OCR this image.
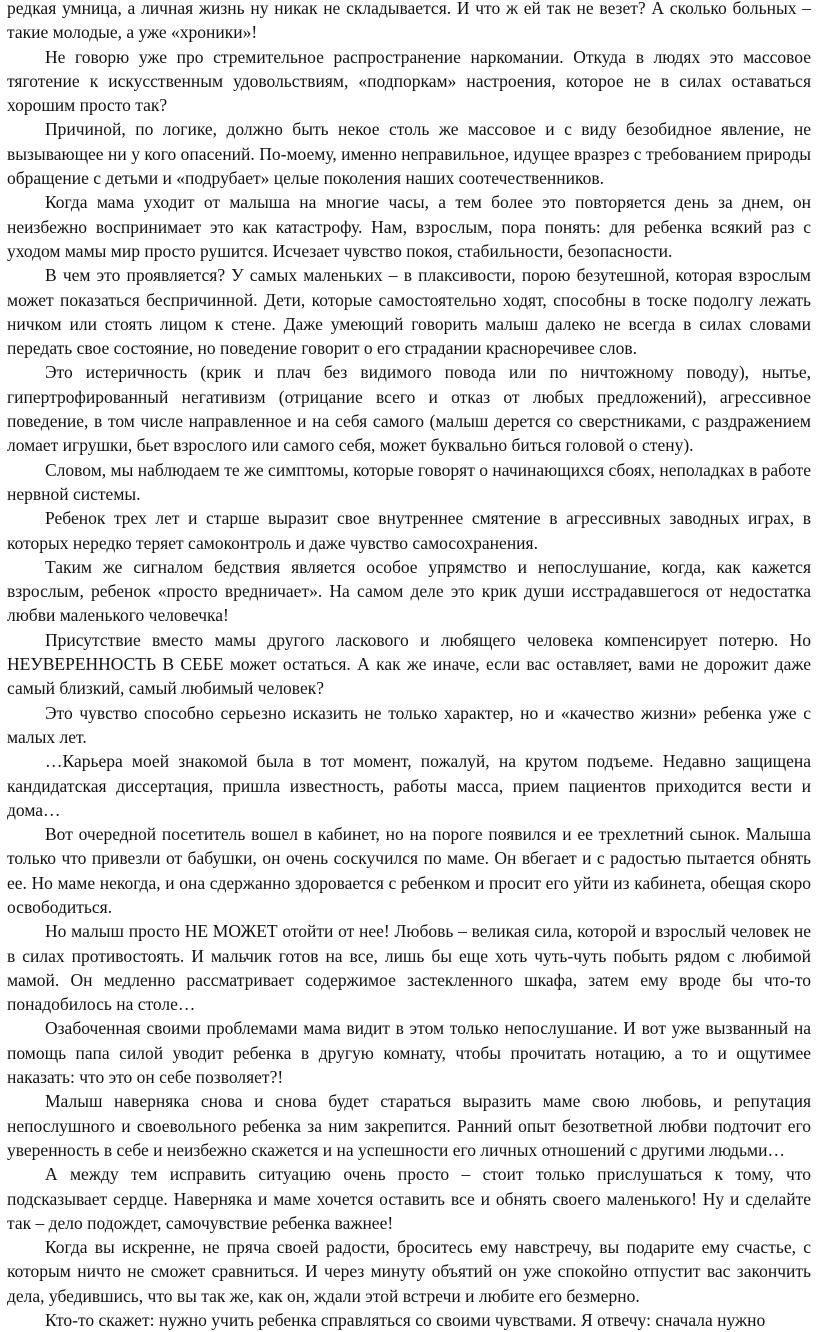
редкая умница, а личная жизнь ну никак не складывается. И что ж ей так не везет? А сколько больных – такие молодые, а уже «хроники»!

Не говорю уже про стремительное распространение наркомании. Откуда в людях это массовое тяготение к искусственным удовольствиям, «подпоркам» настроения, которое не в силах оставаться хорошим просто так?

Причиной, по логике, должно быть некое столь же массовое и с виду безобидное явление, не вызывающее ни у кого опасений. По-моему, именно неправильное, идущее вразрез с требованием природы обращение с детьми и «подрубает» целые поколения наших соотечественников.

Когда мама уходит от малыша на многие часы, а тем более это повторяется день за днем, он неизбежно воспринимает это как катастрофу. Нам, взрослым, пора понять: для ребенка всякий раз с уходом мамы мир просто рушится. Исчезает чувство покоя, стабильности, безопасности.

В чем это проявляется? У самых маленьких – в плаксивости, порою безутешной, которая взрослым может показаться беспричинной. Дети, которые самостоятельно ходят, способны в тоске подолгу лежать ничком или стоять лицом к стене. Даже умеющий говорить малыш далеко не всегда в силах словами передать свое состояние, но поведение говорит о его страдании красноречивее слов.

Это истеричность (крик и плач без видимого повода или по ничтожному поводу), нытье, гипертрофированный негативизм (отрицание всего и отказ от любых предложений), агрессивное поведение, в том числе направленное и на себя самого (малыш дерется со сверстниками, с раздражением ломает игрушки, бьет взрослого или самого себя, может буквально биться головой о стену).

Словом, мы наблюдаем те же симптомы, которые говорят о начинающихся сбоях, неполадках в работе нервной системы.

Ребенок трех лет и старше выразит свое внутреннее смятение в агрессивных заводных играх, в которых нередко теряет самоконтроль и даже чувство самосохранения.

Таким же сигналом бедствия является особое упрямство и непослушание, когда, как кажется взрослым, ребенок «просто вредничает». На самом деле это крик души исстрадавшегося от недостатка любви маленького человечка!

Присутствие вместо мамы другого ласкового и любящего человека компенсирует потерю. Но НЕУВЕРЕННОСТЬ В СЕБЕ может остаться. А как же иначе, если вас оставляет, вами не дорожит даже самый близкий, самый любимый человек?

Это чувство способно серьезно исказить не только характер, но и «качество жизни» ребенка уже с малых лет.

…Карьера моей знакомой была в тот момент, пожалуй, на крутом подъеме. Недавно защищена кандидатская диссертация, пришла известность, работы масса, прием пациентов приходится вести и дома…

Вот очередной посетитель вошел в кабинет, но на пороге появился и ее трехлетний сынок. Малыша только что привезли от бабушки, он очень соскучился по маме. Он вбегает и с радостью пытается обнять ее. Но маме некогда, и она сдержанно здоровается с ребенком и просит его уйти из кабинета, обещая скоро освободиться.

Но малыш просто НЕ МОЖЕТ отойти от нее! Любовь – великая сила, которой и взрослый человек не в силах противостоять. И мальчик готов на все, лишь бы еще хоть чуть-чуть побыть рядом с любимой мамой. Он медленно рассматривает содержимое застекленного шкафа, затем ему вроде бы что-то понадобилось на столе…

Озабоченная своими проблемами мама видит в этом только непослушание. И вот уже вызванный на помощь папа силой уводит ребенка в другую комнату, чтобы прочитать нотацию, а то и ощутимее наказать: что это он себе позволяет?!

Малыш наверняка снова и снова будет стараться выразить маме свою любовь, и репутация непослушного и своевольного ребенка за ним закрепится. Ранний опыт безответной любви подточит его уверенность в себе и неизбежно скажется и на успешности его личных отношений с другими людьми…

А между тем исправить ситуацию очень просто – стоит только прислушаться к тому, что подсказывает сердце. Наверняка и маме хочется оставить все и обнять своего маленького! Ну и сделайте так – дело подождет, самочувствие ребенка важнее!

Когда вы искренне, не пряча своей радости, броситесь ему навстречу, вы подарите ему счастье, с которым ничто не сможет сравниться. И через минуту объятий он уже спокойно отпустит вас закончить дела, убедившись, что вы так же, как он, ждали этой встречи и любите его безмерно.

Кто-то скажет: нужно учить ребенка справляться со своими чувствами. Я отвечу: сначала нужно
